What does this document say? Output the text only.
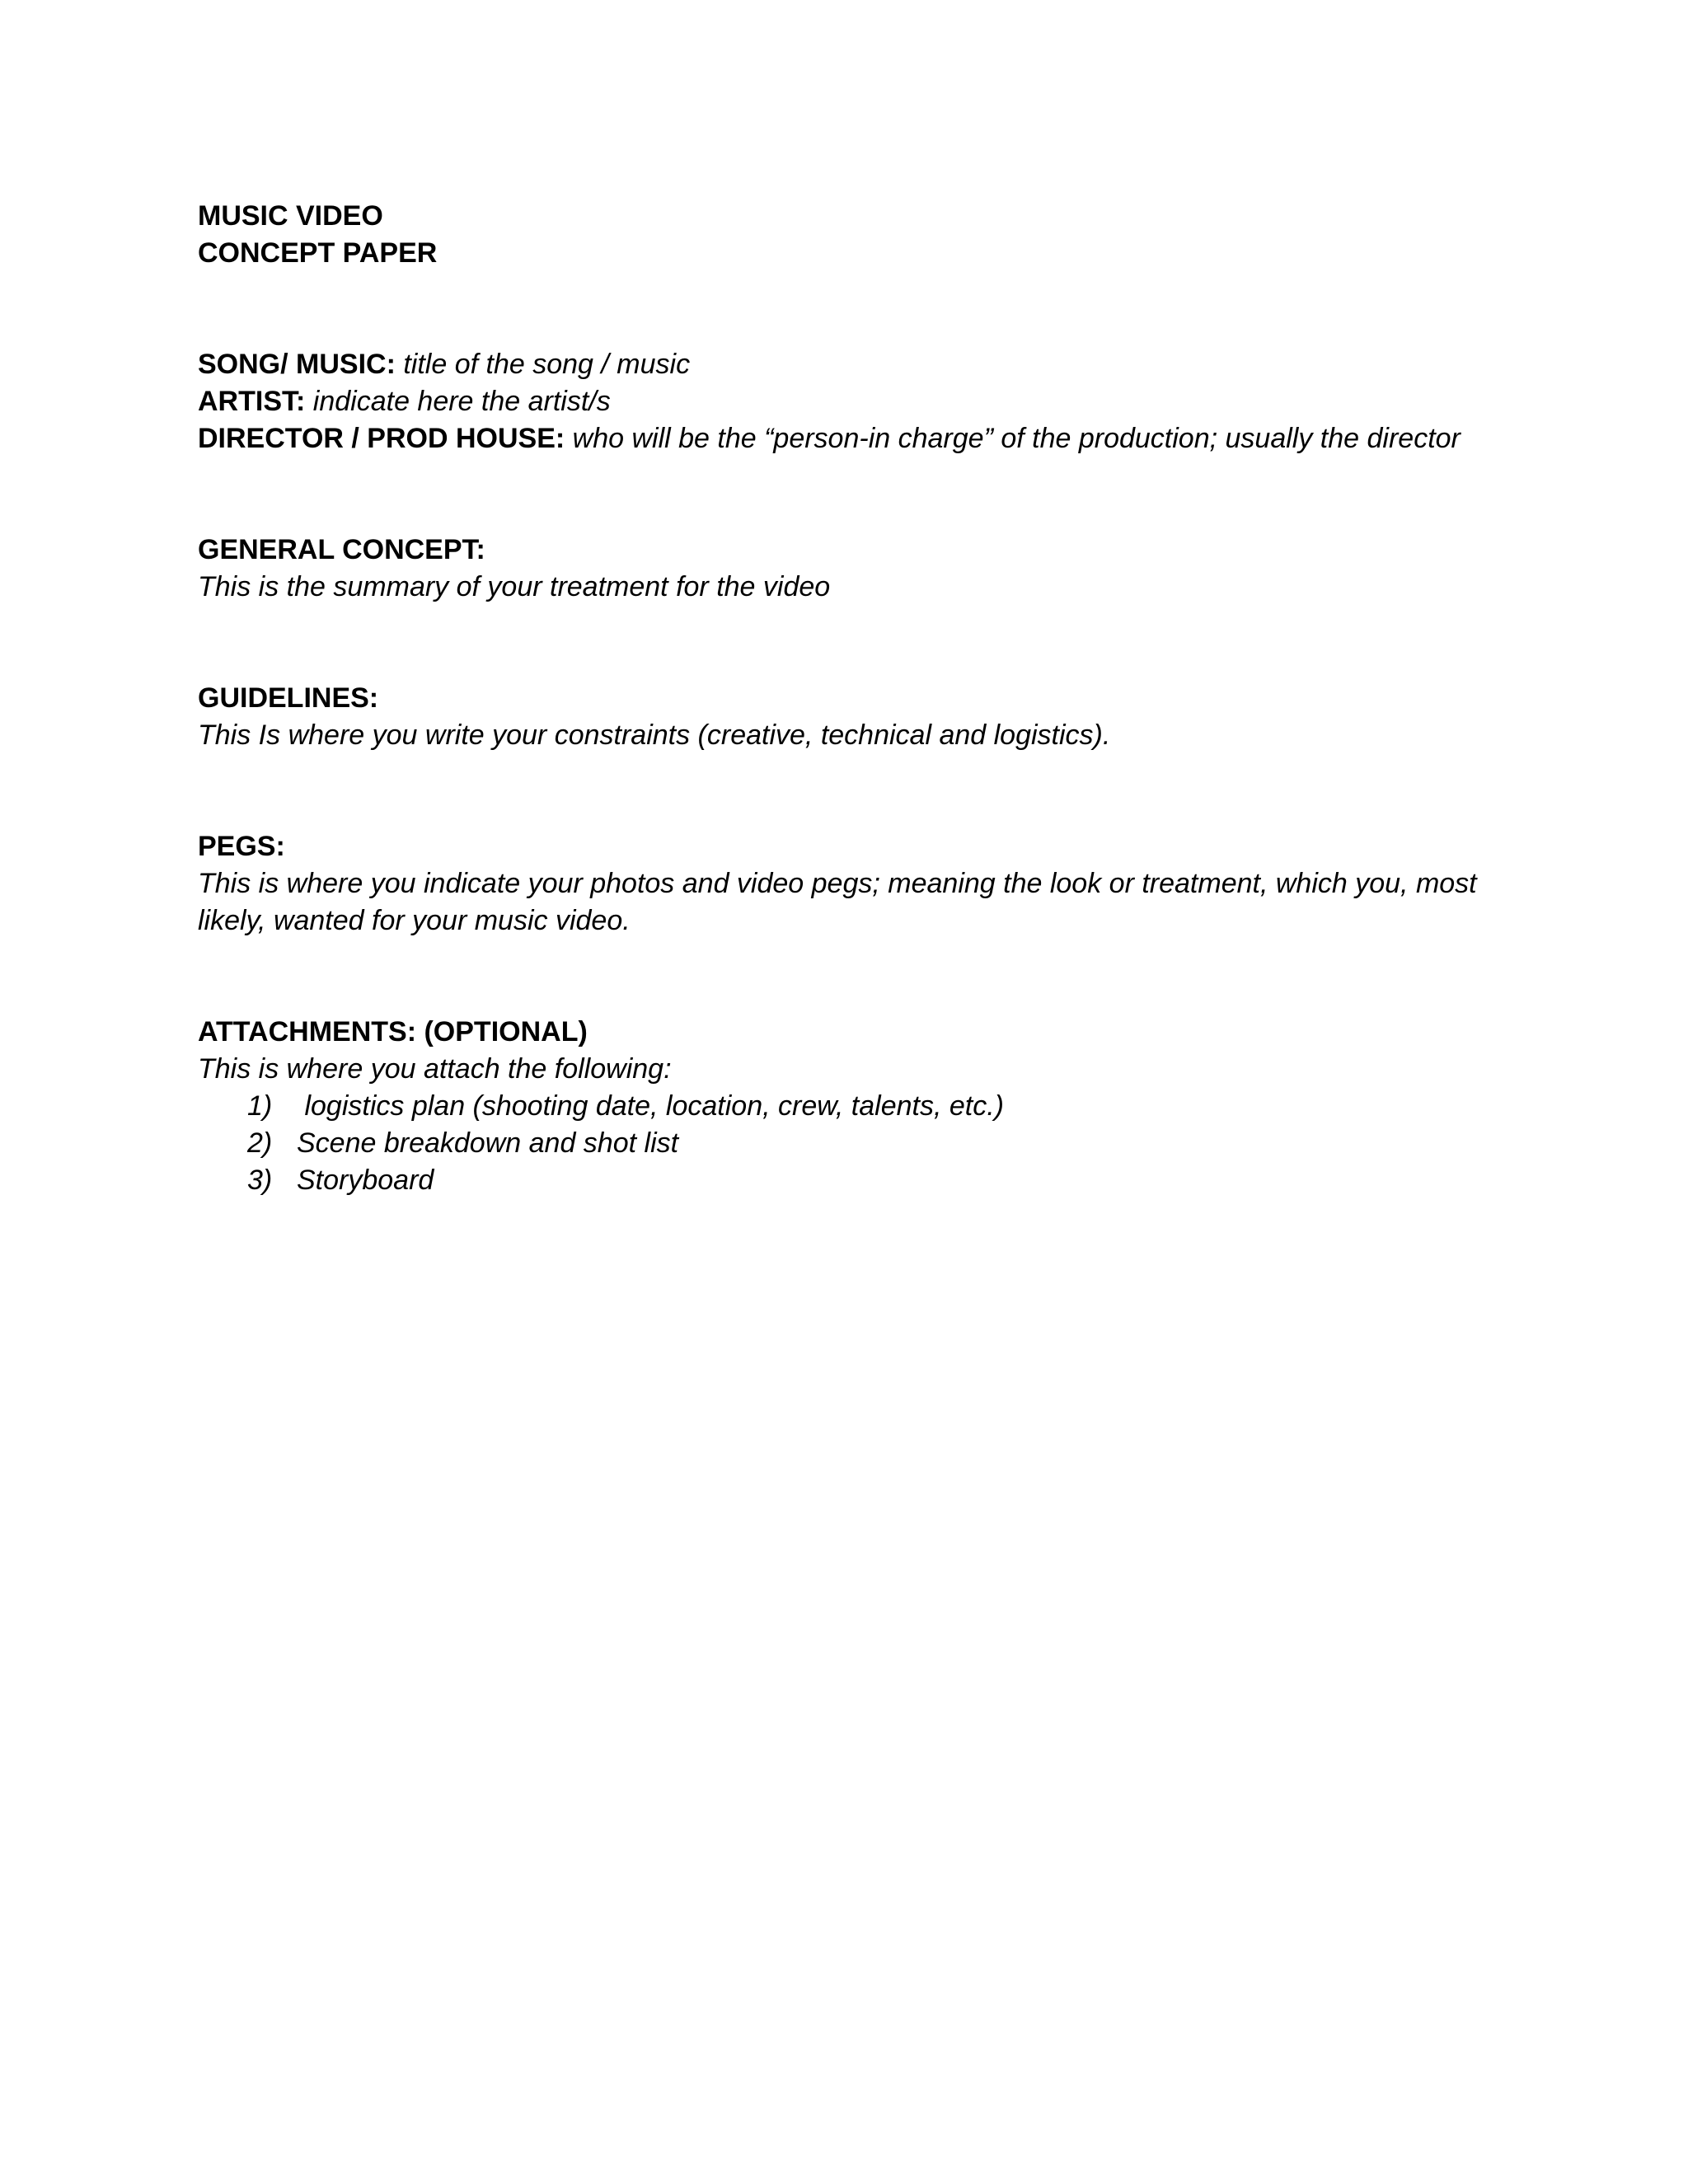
MUSIC VIDEO
CONCEPT PAPER
SONG/ MUSIC: title of the song / music
ARTIST: indicate here the artist/s
DIRECTOR / PROD HOUSE: who will be the “person-in charge” of the production; usually the director
GENERAL CONCEPT:
This is the summary of your treatment for the video
GUIDELINES:
This Is where you write your constraints (creative, technical and logistics).
PEGS:
This is where you indicate your photos and video pegs; meaning the look or treatment, which you, most likely, wanted for your music video.
ATTACHMENTS: (OPTIONAL)
This is where you attach the following:
1) logistics plan (shooting date, location, crew, talents, etc.)
2) Scene breakdown and shot list
3) Storyboard
